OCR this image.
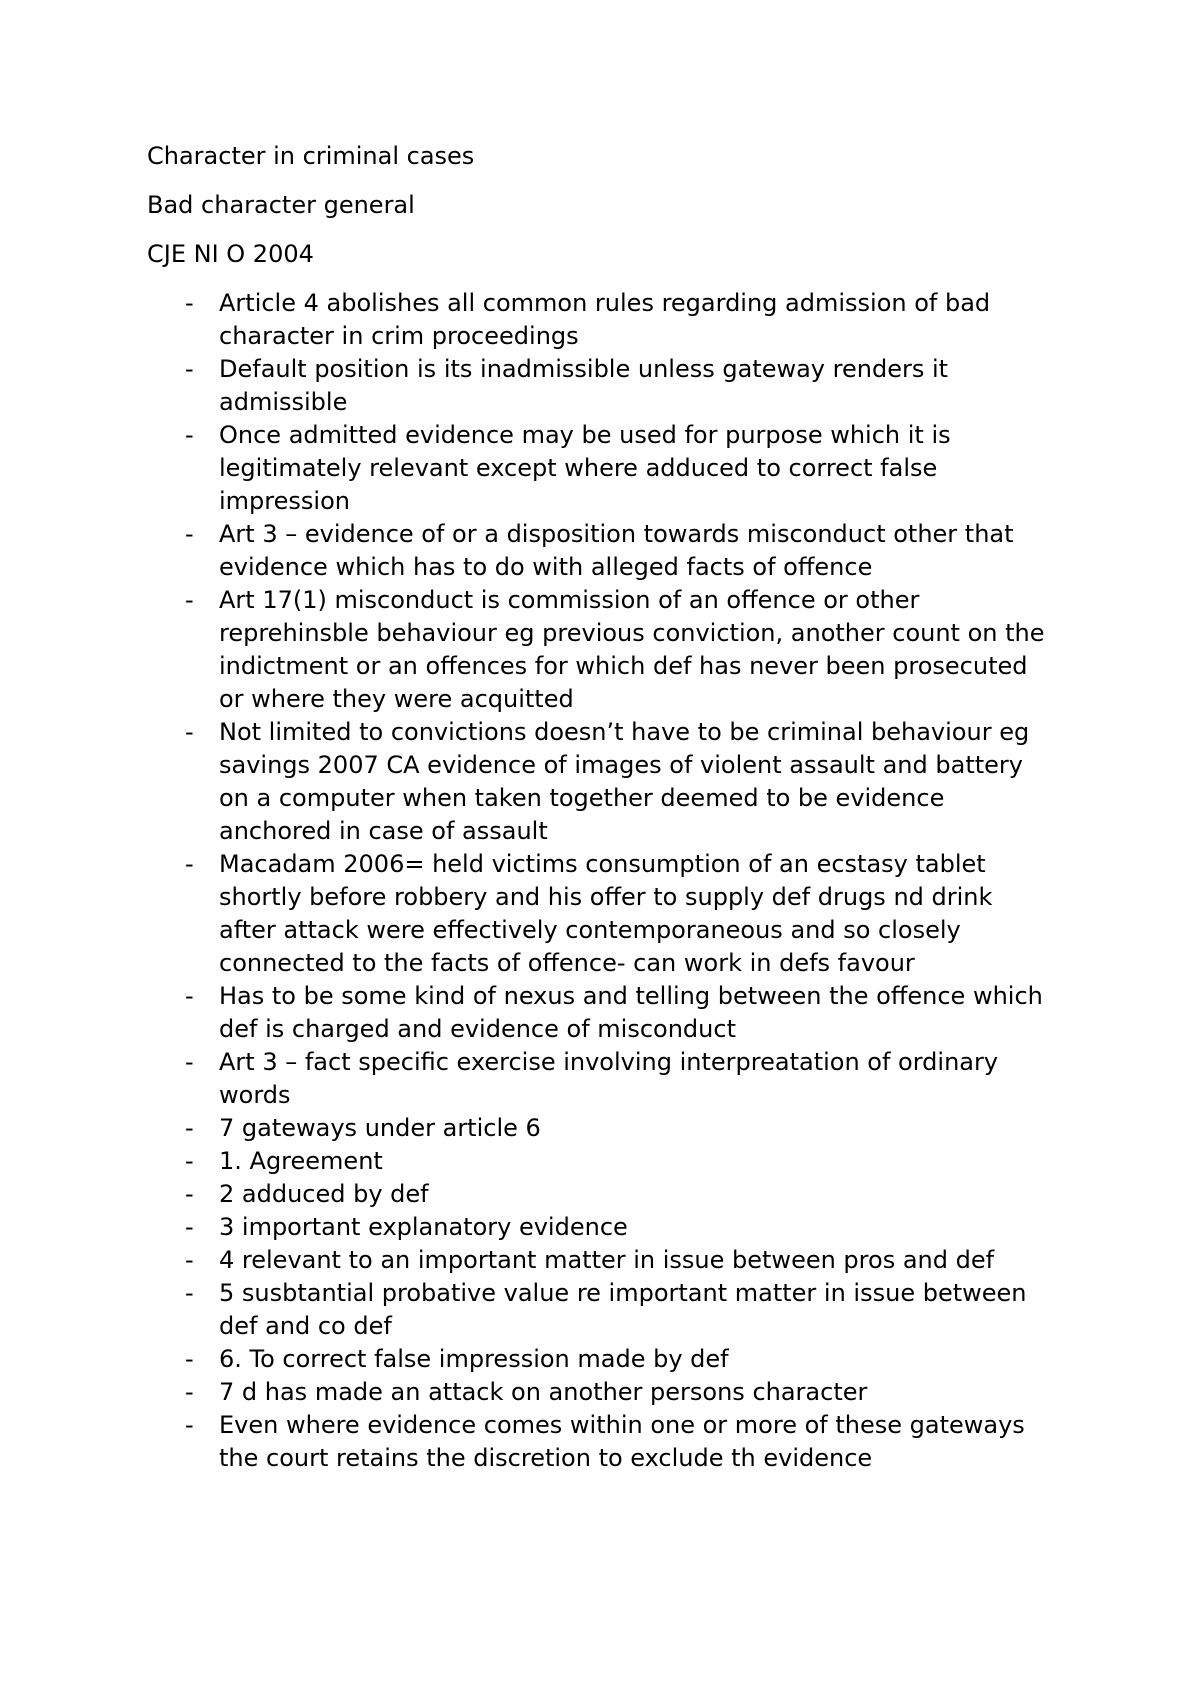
Character in criminal cases

Bad character general

CJE NI O 2004

- Article 4 abolishes all common rules regarding admission of bad
character in crim proceedings
- Default position is its inadmissible unless gateway renders it
admissible
- Once admitted evidence may be used for purpose which it is
legitimately relevant except where adduced to correct false
impression
- Art 3 – evidence of or a disposition towards misconduct other that
evidence which has to do with alleged facts of offence
- Art 17(1) misconduct is commission of an offence or other
reprehinsble behaviour eg previous conviction, another count on the
indictment or an offences for which def has never been prosecuted
or where they were acquitted
- Not limited to convictions doesn’t have to be criminal behaviour eg
savings 2007 CA evidence of images of violent assault and battery
on a computer when taken together deemed to be evidence
anchored in case of assault
- Macadam 2006= held victims consumption of an ecstasy tablet
shortly before robbery and his offer to supply def drugs nd drink
after attack were effectively contemporaneous and so closely
connected to the facts of offence- can work in defs favour
- Has to be some kind of nexus and telling between the offence which
def is charged and evidence of misconduct
- Art 3 – fact specific exercise involving interpreatation of ordinary
words
- 7 gateways under article 6
- 1. Agreement
- 2 adduced by def
- 3 important explanatory evidence
- 4 relevant to an important matter in issue between pros and def
- 5 susbtantial probative value re important matter in issue between
def and co def
- 6. To correct false impression made by def
- 7 d has made an attack on another persons character
- Even where evidence comes within one or more of these gateways
the court retains the discretion to exclude th evidence
